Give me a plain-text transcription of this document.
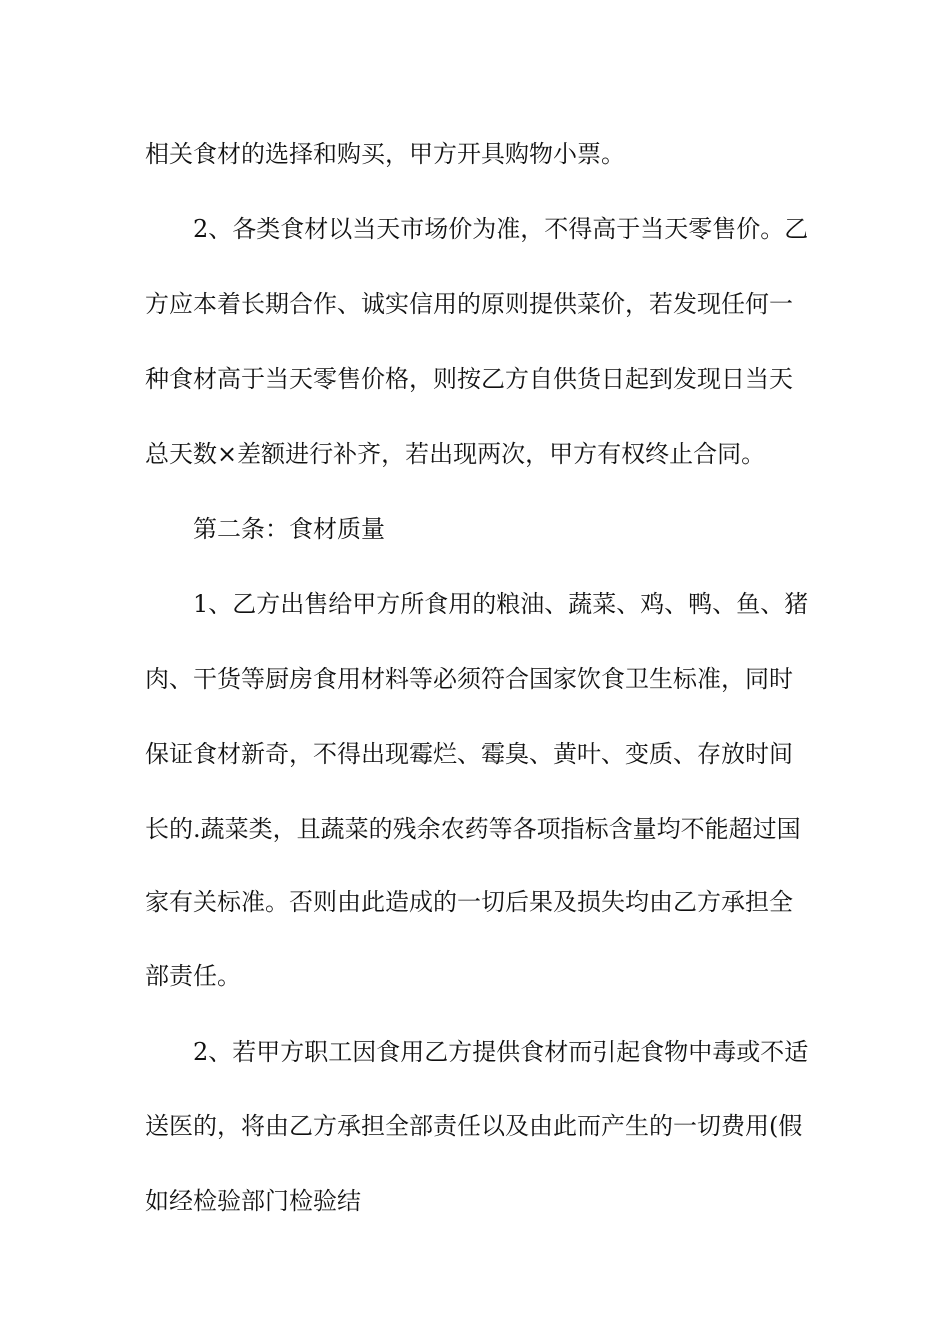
相关食材的选择和购买，甲方开具购物小票。
2、各类食材以当天市场价为准，不得高于当天零售价。乙
方应本着长期合作、诚实信用的原则提供菜价，若发现任何一
种食材高于当天零售价格，则按乙方自供货日起到发现日当天
总天数×差额进行补齐，若出现两次，甲方有权终止合同。
第二条：食材质量
1、乙方出售给甲方所食用的粮油、蔬菜、鸡、鸭、鱼、猪
肉、干货等厨房食用材料等必须符合国家饮食卫生标准，同时
保证食材新奇，不得出现霉烂、霉臭、黄叶、变质、存放时间
长的.蔬菜类，且蔬菜的残余农药等各项指标含量均不能超过国
家有关标准。否则由此造成的一切后果及损失均由乙方承担全
部责任。
2、若甲方职工因食用乙方提供食材而引起食物中毒或不适
送医的，将由乙方承担全部责任以及由此而产生的一切费用(假
如经检验部门检验结
